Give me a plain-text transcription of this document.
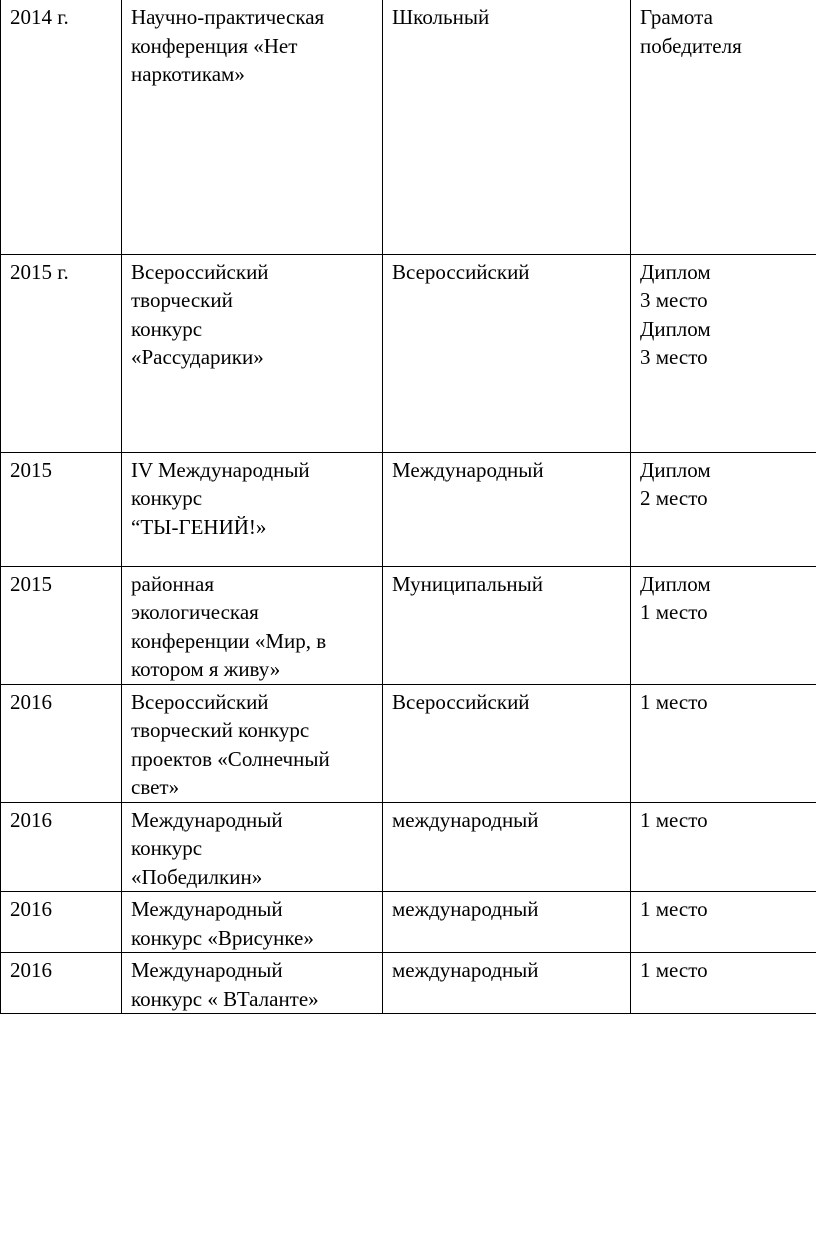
2014 г.	Научно-практическая
конференция «Нет
наркотикам»	Школьный	Грамота
победителя

2015 г.	Всероссийский
творческий
конкурс
«Рассударики»	Всероссийский	Диплом
3 место
Диплом
3 место

2015	IV Международный
конкурс
“ТЫ-ГЕНИЙ!»	Международный	Диплом
2 место

2015	районная
экологическая
конференции «Мир, в
котором я живу»	Муниципальный	Диплом
1 место

2016	Всероссийский
творческий конкурс
проектов «Солнечный
свет»	Всероссийский	1 место

2016	Международный
конкурс
«Победилкин»	международный	1 место

2016	Международный
конкурс «Врисунке»	международный	1 место

2016	Международный
конкурс « ВТаланте»	международный	1 место
